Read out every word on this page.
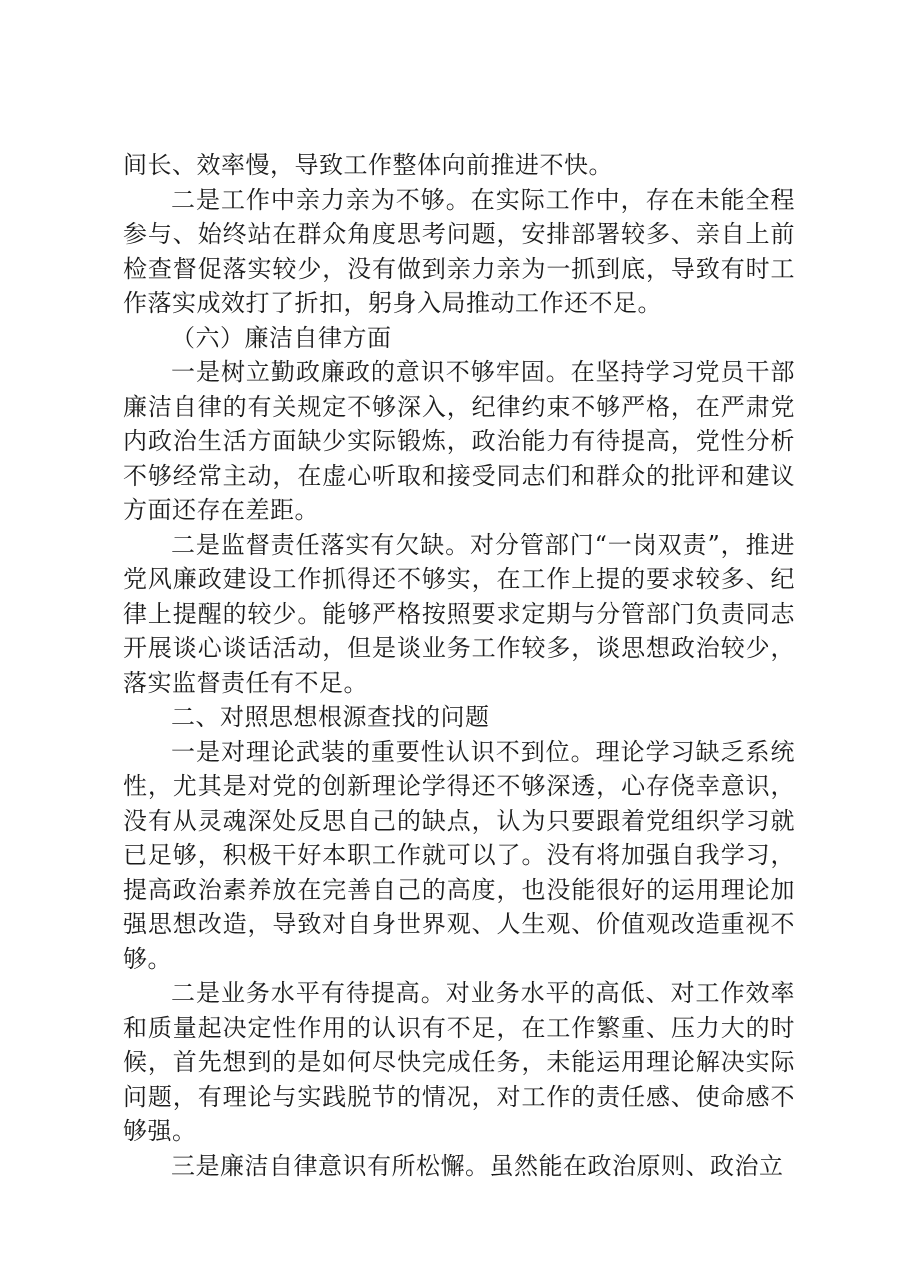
间长、效率慢，导致工作整体向前推进不快。

二是工作中亲力亲为不够。在实际工作中，存在未能全程参与、始终站在群众角度思考问题，安排部署较多、亲自上前检查督促落实较少，没有做到亲力亲为一抓到底，导致有时工作落实成效打了折扣，躬身入局推动工作还不足。

（六）廉洁自律方面

一是树立勤政廉政的意识不够牢固。在坚持学习党员干部廉洁自律的有关规定不够深入，纪律约束不够严格，在严肃党内政治生活方面缺少实际锻炼，政治能力有待提高，党性分析不够经常主动，在虚心听取和接受同志们和群众的批评和建议方面还存在差距。

二是监督责任落实有欠缺。对分管部门“一岗双责”，推进党风廉政建设工作抓得还不够实，在工作上提的要求较多、纪律上提醒的较少。能够严格按照要求定期与分管部门负责同志开展谈心谈话活动，但是谈业务工作较多，谈思想政治较少，落实监督责任有不足。

二、对照思想根源查找的问题

一是对理论武装的重要性认识不到位。理论学习缺乏系统性，尤其是对党的创新理论学得还不够深透，心存侥幸意识，没有从灵魂深处反思自己的缺点，认为只要跟着党组织学习就已足够，积极干好本职工作就可以了。没有将加强自我学习，提高政治素养放在完善自己的高度，也没能很好的运用理论加强思想改造，导致对自身世界观、人生观、价值观改造重视不够。

二是业务水平有待提高。对业务水平的高低、对工作效率和质量起决定性作用的认识有不足，在工作繁重、压力大的时候，首先想到的是如何尽快完成任务，未能运用理论解决实际问题，有理论与实践脱节的情况，对工作的责任感、使命感不够强。

三是廉洁自律意识有所松懈。虽然能在政治原则、政治立
